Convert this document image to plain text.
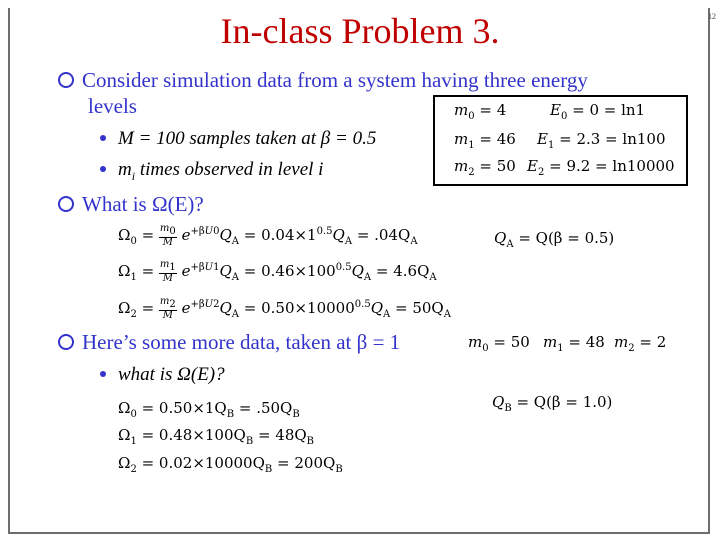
In-class Problem 3.	12
Consider simulation data from a system having three energy
levels
M = 100 samples taken at β = 0.5
$m_i$ times observed in level i
$m_0 = 4$	$E_0 = 0 = \ln 1$
$m_1 = 46$ $E_1 = 2.3 = \ln 100$
$m_2 = 50$ $E_2 = 9.2 = \ln 10000$
What is Ω(E)?
$\Omega_0 = \frac{m_0}{M} e^{+\beta U0}Q_A = 0.04\times 1^{0.5}Q_A = .04Q_A$
$\Omega_1 = \frac{m_1}{M} e^{+\beta U1}Q_A = 0.46\times 100^{0.5}Q_A = 4.6Q_A$
$\Omega_2 = \frac{m_2}{M} e^{+\beta U2}Q_A = 0.50\times 10000^{0.5}Q_A = 50Q_A$
$Q_A = Q(\beta = 0.5)$
Here’s some more data, taken at β = 1	$m_0 = 50$ $m_1 = 48$ $m_2 = 2$
what is Ω(E)?
$\Omega_0 = 0.50\times 1Q_B = .50Q_B$
$\Omega_1 = 0.48\times 100Q_B = 48Q_B$
$\Omega_2 = 0.02\times 10000Q_B = 200Q_B$
$Q_B = Q(\beta = 1.0)$
